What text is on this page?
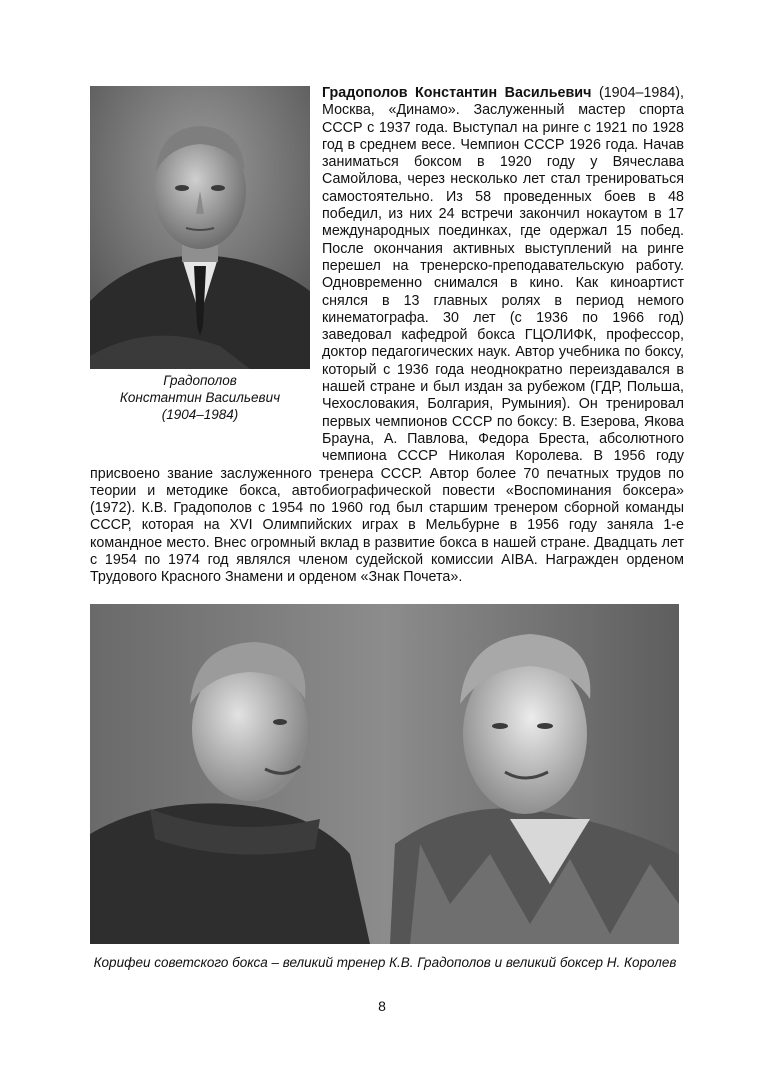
Градополов
Константин Васильевич
(1904–1984)

Градополов Константин Васильевич (1904–1984), Москва, «Динамо». Заслуженный мастер спорта СССР с 1937 года. Выступал на ринге с 1921 по 1928 год в среднем весе. Чемпион СССР 1926 года. Начав заниматься боксом в 1920 году у Вячеслава Самойлова, через несколько лет стал тренироваться самостоятельно. Из 58 проведенных боев в 48 победил, из них 24 встречи закончил нокаутом в 17 международных поединках, где одержал 15 побед. После окончания активных выступлений на ринге перешел на тренерско-преподавательскую работу. Одновременно снимался в кино. Как киноартист снялся в 13 главных ролях в период немого кинематографа. 30 лет (с 1936 по 1966 год) заведовал кафедрой бокса ГЦОЛИФК, профессор, доктор педагогических наук. Автор учебника по боксу, который с 1936 года неоднократно переиздавался в нашей стране и был издан за рубежом (ГДР, Польша, Чехословакия, Болгария, Румыния). Он тренировал первых чемпионов СССР по боксу: В. Езерова, Якова Брауна, А. Павлова, Федора Бреста, абсолютного чемпиона СССР Николая Королева. В 1956 году присвоено звание заслуженного тренера СССР. Автор более 70 печатных трудов по теории и методике бокса, автобиографической повести «Воспоминания боксера» (1972). К.В. Градополов с 1954 по 1960 год был старшим тренером сборной команды СССР, которая на XVI Олимпийских играх в Мельбурне в 1956 году заняла 1-е командное место. Внес огромный вклад в развитие бокса в нашей стране. Двадцать лет с 1954 по 1974 год являлся членом судейской комиссии AIBA. Награжден орденом Трудового Красного Знамени и орденом «Знак Почета».

Корифеи советского бокса – великий тренер К.В. Градополов и великий боксер Н. Королев
8
